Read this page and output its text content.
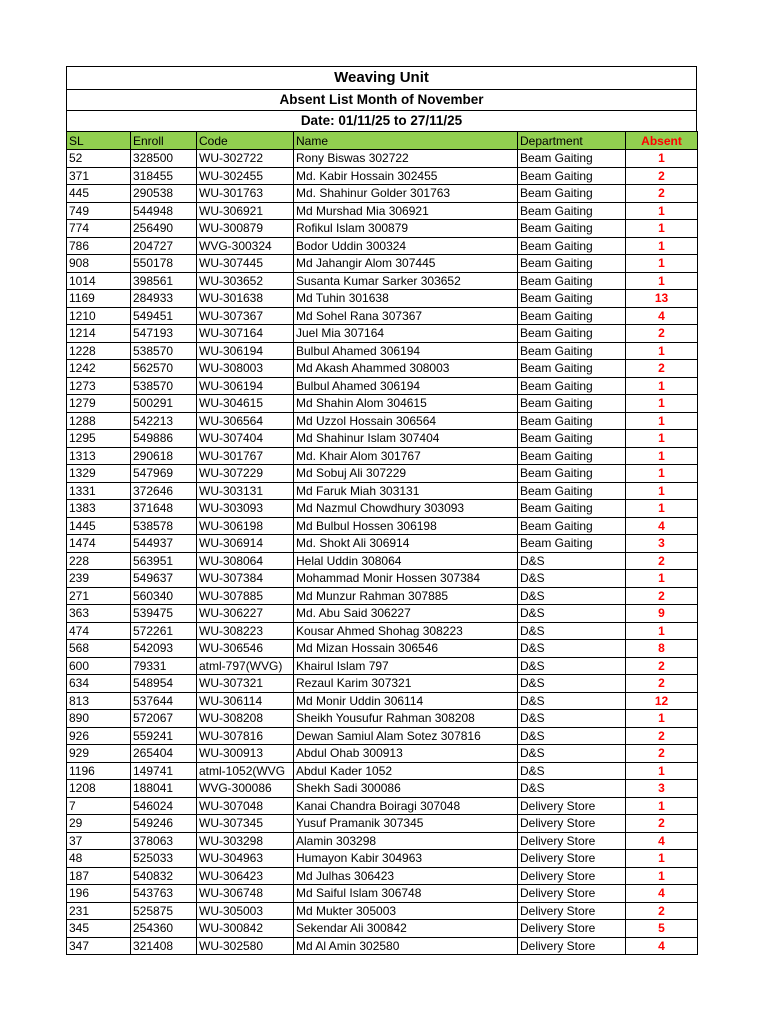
Weaving Unit
Absent List Month of November
Date: 01/11/25 to 27/11/25
SL	Enroll	Code	Name	Department	Absent
52	328500	WU-302722	Rony Biswas 302722	Beam Gaiting	1
371	318455	WU-302455	Md. Kabir Hossain 302455	Beam Gaiting	2
445	290538	WU-301763	Md. Shahinur Golder 301763	Beam Gaiting	2
749	544948	WU-306921	Md Murshad Mia 306921	Beam Gaiting	1
774	256490	WU-300879	Rofikul Islam 300879	Beam Gaiting	1
786	204727	WVG-300324	Bodor Uddin 300324	Beam Gaiting	1
908	550178	WU-307445	Md Jahangir Alom 307445	Beam Gaiting	1
1014	398561	WU-303652	Susanta Kumar Sarker 303652	Beam Gaiting	1
1169	284933	WU-301638	Md Tuhin 301638	Beam Gaiting	13
1210	549451	WU-307367	Md Sohel Rana 307367	Beam Gaiting	4
1214	547193	WU-307164	Juel Mia 307164	Beam Gaiting	2
1228	538570	WU-306194	Bulbul Ahamed 306194	Beam Gaiting	1
1242	562570	WU-308003	Md Akash Ahammed 308003	Beam Gaiting	2
1273	538570	WU-306194	Bulbul Ahamed 306194	Beam Gaiting	1
1279	500291	WU-304615	Md Shahin Alom 304615	Beam Gaiting	1
1288	542213	WU-306564	Md Uzzol Hossain 306564	Beam Gaiting	1
1295	549886	WU-307404	Md Shahinur Islam 307404	Beam Gaiting	1
1313	290618	WU-301767	Md. Khair Alom 301767	Beam Gaiting	1
1329	547969	WU-307229	Md Sobuj Ali 307229	Beam Gaiting	1
1331	372646	WU-303131	Md Faruk Miah 303131	Beam Gaiting	1
1383	371648	WU-303093	Md Nazmul Chowdhury 303093	Beam Gaiting	1
1445	538578	WU-306198	Md Bulbul Hossen 306198	Beam Gaiting	4
1474	544937	WU-306914	Md. Shokt Ali 306914	Beam Gaiting	3
228	563951	WU-308064	Helal Uddin 308064	D&S	2
239	549637	WU-307384	Mohammad Monir Hossen 307384	D&S	1
271	560340	WU-307885	Md Munzur Rahman 307885	D&S	2
363	539475	WU-306227	Md. Abu Said 306227	D&S	9
474	572261	WU-308223	Kousar Ahmed Shohag 308223	D&S	1
568	542093	WU-306546	Md Mizan Hossain 306546	D&S	8
600	79331	atml-797(WVG)	Khairul Islam 797	D&S	2
634	548954	WU-307321	Rezaul Karim 307321	D&S	2
813	537644	WU-306114	Md Monir Uddin 306114	D&S	12
890	572067	WU-308208	Sheikh Yousufur Rahman 308208	D&S	1
926	559241	WU-307816	Dewan Samiul Alam Sotez 307816	D&S	2
929	265404	WU-300913	Abdul Ohab 300913	D&S	2
1196	149741	atml-1052(WVG	Abdul Kader 1052	D&S	1
1208	188041	WVG-300086	Shekh Sadi 300086	D&S	3
7	546024	WU-307048	Kanai Chandra Boiragi 307048	Delivery Store	1
29	549246	WU-307345	Yusuf Pramanik 307345	Delivery Store	2
37	378063	WU-303298	Alamin 303298	Delivery Store	4
48	525033	WU-304963	Humayon Kabir 304963	Delivery Store	1
187	540832	WU-306423	Md Julhas 306423	Delivery Store	1
196	543763	WU-306748	Md Saiful Islam 306748	Delivery Store	4
231	525875	WU-305003	Md Mukter 305003	Delivery Store	2
345	254360	WU-300842	Sekendar Ali 300842	Delivery Store	5
347	321408	WU-302580	Md Al Amin 302580	Delivery Store	4
